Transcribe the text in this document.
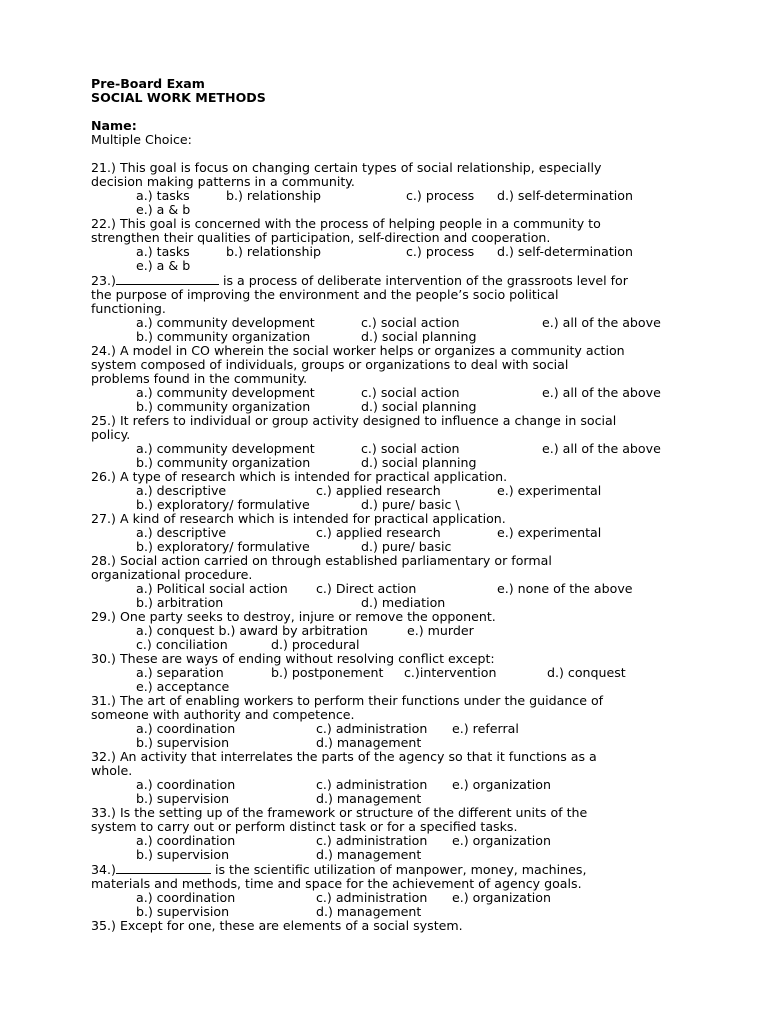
Pre-Board Exam
SOCIAL WORK METHODS
Name:
Multiple Choice:
21.) This goal is focus on changing certain types of social relationship, especially
decision making patterns in a community.
a.) tasks	b.) relationship	c.) process d.) self-determination
e.) a & b
22.) This goal is concerned with the process of helping people in a community to
strengthen their qualities of participation, self-direction and cooperation.
a.) tasks	b.) relationship	c.) process d.) self-determination
e.) a & b
23.)	is a process of deliberate intervention of the grassroots level for
the purpose of improving the environment and the people’s socio political
functioning.
a.) community development	c.) social action	e.) all of the above
b.) community organization	d.) social planning
24.) A model in CO wherein the social worker helps or organizes a community action
system composed of individuals, groups or organizations to deal with social
problems found in the community.
a.) community development	c.) social action	e.) all of the above
b.) community organization	d.) social planning
25.) It refers to individual or group activity designed to influence a change in social
policy.
a.) community development	c.) social action	e.) all of the above
b.) community organization	d.) social planning
26.) A type of research which is intended for practical application.
a.) descriptive	c.) applied research	e.) experimental
b.) exploratory/ formulative	d.) pure/ basic \
27.) A kind of research which is intended for practical application.
a.) descriptive	c.) applied research	e.) experimental
b.) exploratory/ formulative	d.) pure/ basic
28.) Social action carried on through established parliamentary or formal
organizational procedure.
a.) Political social action c.) Direct action	e.) none of the above
b.) arbitration	d.) mediation
29.) One party seeks to destroy, injure or remove the opponent.
a.) conquest b.) award by arbitration	e.) murder
c.) conciliation	d.) procedural
30.) These are ways of ending without resolving conflict except:
a.) separation	b.) postponement c.)intervention	d.) conquest
e.) acceptance
31.) The art of enabling workers to perform their functions under the guidance of
someone with authority and competence.
a.) coordination	c.) administration e.) referral
b.) supervision	d.) management
32.) An activity that interrelates the parts of the agency so that it functions as a
whole.
a.) coordination	c.) administration e.) organization
b.) supervision	d.) management
33.) Is the setting up of the framework or structure of the different units of the
system to carry out or perform distinct task or for a specified tasks.
a.) coordination	c.) administration e.) organization
b.) supervision	d.) management
34.)	is the scientific utilization of manpower, money, machines,
materials and methods, time and space for the achievement of agency goals.
a.) coordination	c.) administration e.) organization
b.) supervision	d.) management
35.) Except for one, these are elements of a social system.
